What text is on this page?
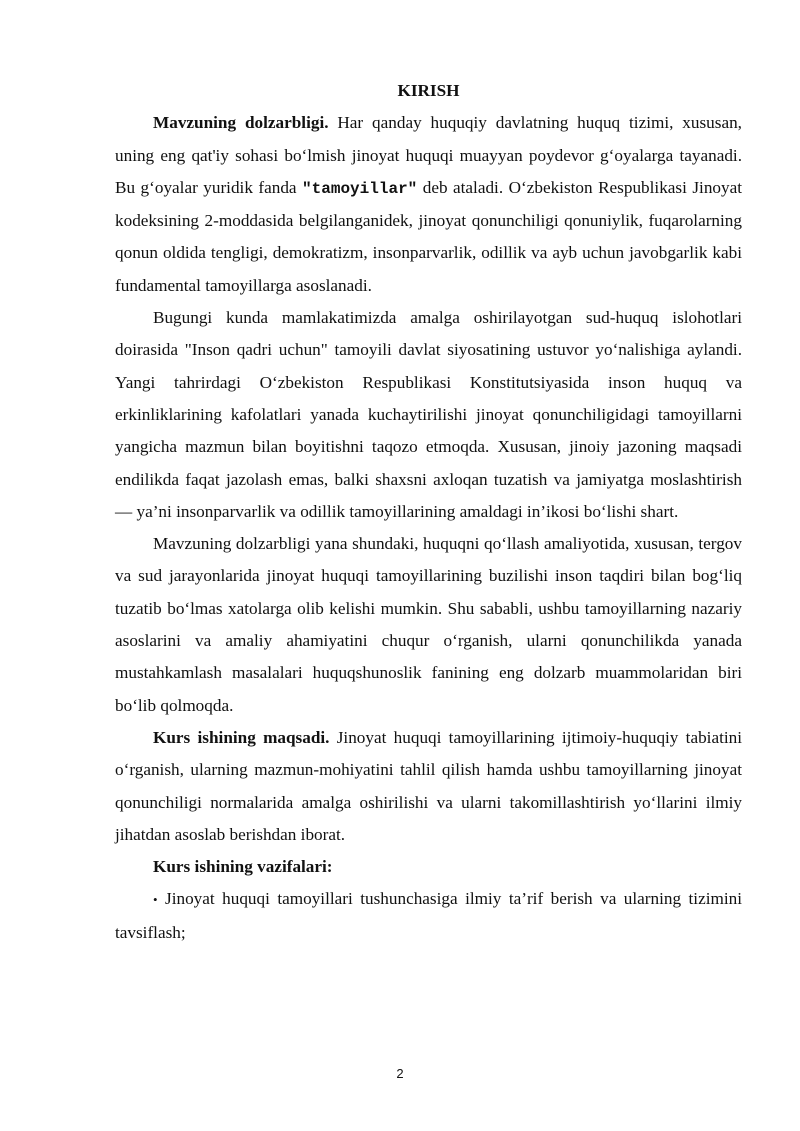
KIRISH

Mavzuning dolzarbligi. Har qanday huquqiy davlatning huquq tizimi, xususan, uning eng qat'iy sohasi bo‘lmish jinoyat huquqi muayyan poydevor g‘oyalarga tayanadi. Bu g‘oyalar yuridik fanda "tamoyillar" deb ataladi. O‘zbekiston Respublikasi Jinoyat kodeksining 2-moddasida belgilanganidek, jinoyat qonunchiligi qonuniylik, fuqarolarning qonun oldida tengligi, demokratizm, insonparvarlik, odillik va ayb uchun javobgarlik kabi fundamental tamoyillarga asoslanadi.

Bugungi kunda mamlakatimizda amalga oshirilayotgan sud-huquq islohotlari doirasida "Inson qadri uchun" tamoyili davlat siyosatining ustuvor yo‘nalishiga aylandi. Yangi tahrirdagi O‘zbekiston Respublikasi Konstitutsiyasida inson huquq va erkinliklarining kafolatlari yanada kuchaytirilishi jinoyat qonunchiligidagi tamoyillarni yangicha mazmun bilan boyitishni taqozo etmoqda. Xususan, jinoiy jazoning maqsadi endilikda faqat jazolash emas, balki shaxsni axloqan tuzatish va jamiyatga moslashtirish — ya’ni insonparvarlik va odillik tamoyillarining amaldagi in’ikosi bo‘lishi shart.

Mavzuning dolzarbligi yana shundaki, huquqni qo‘llash amaliyotida, xususan, tergov va sud jarayonlarida jinoyat huquqi tamoyillarining buzilishi inson taqdiri bilan bog‘liq tuzatib bo‘lmas xatolarga olib kelishi mumkin. Shu sababli, ushbu tamoyillarning nazariy asoslarini va amaliy ahamiyatini chuqur o‘rganish, ularni qonunchilikda yanada mustahkamlash masalalari huquqshunoslik fanining eng dolzarb muammolaridan biri bo‘lib qolmoqda.

Kurs ishining maqsadi. Jinoyat huquqi tamoyillarining ijtimoiy-huquqiy tabiatini o‘rganish, ularning mazmun-mohiyatini tahlil qilish hamda ushbu tamoyillarning jinoyat qonunchiligi normalarida amalga oshirilishi va ularni takomillashtirish yo‘llarini ilmiy jihatdan asoslab berishdan iborat.

Kurs ishining vazifalari:

• Jinoyat huquqi tamoyillari tushunchasiga ilmiy ta’rif berish va ularning tizimini tavsiflash;

2
